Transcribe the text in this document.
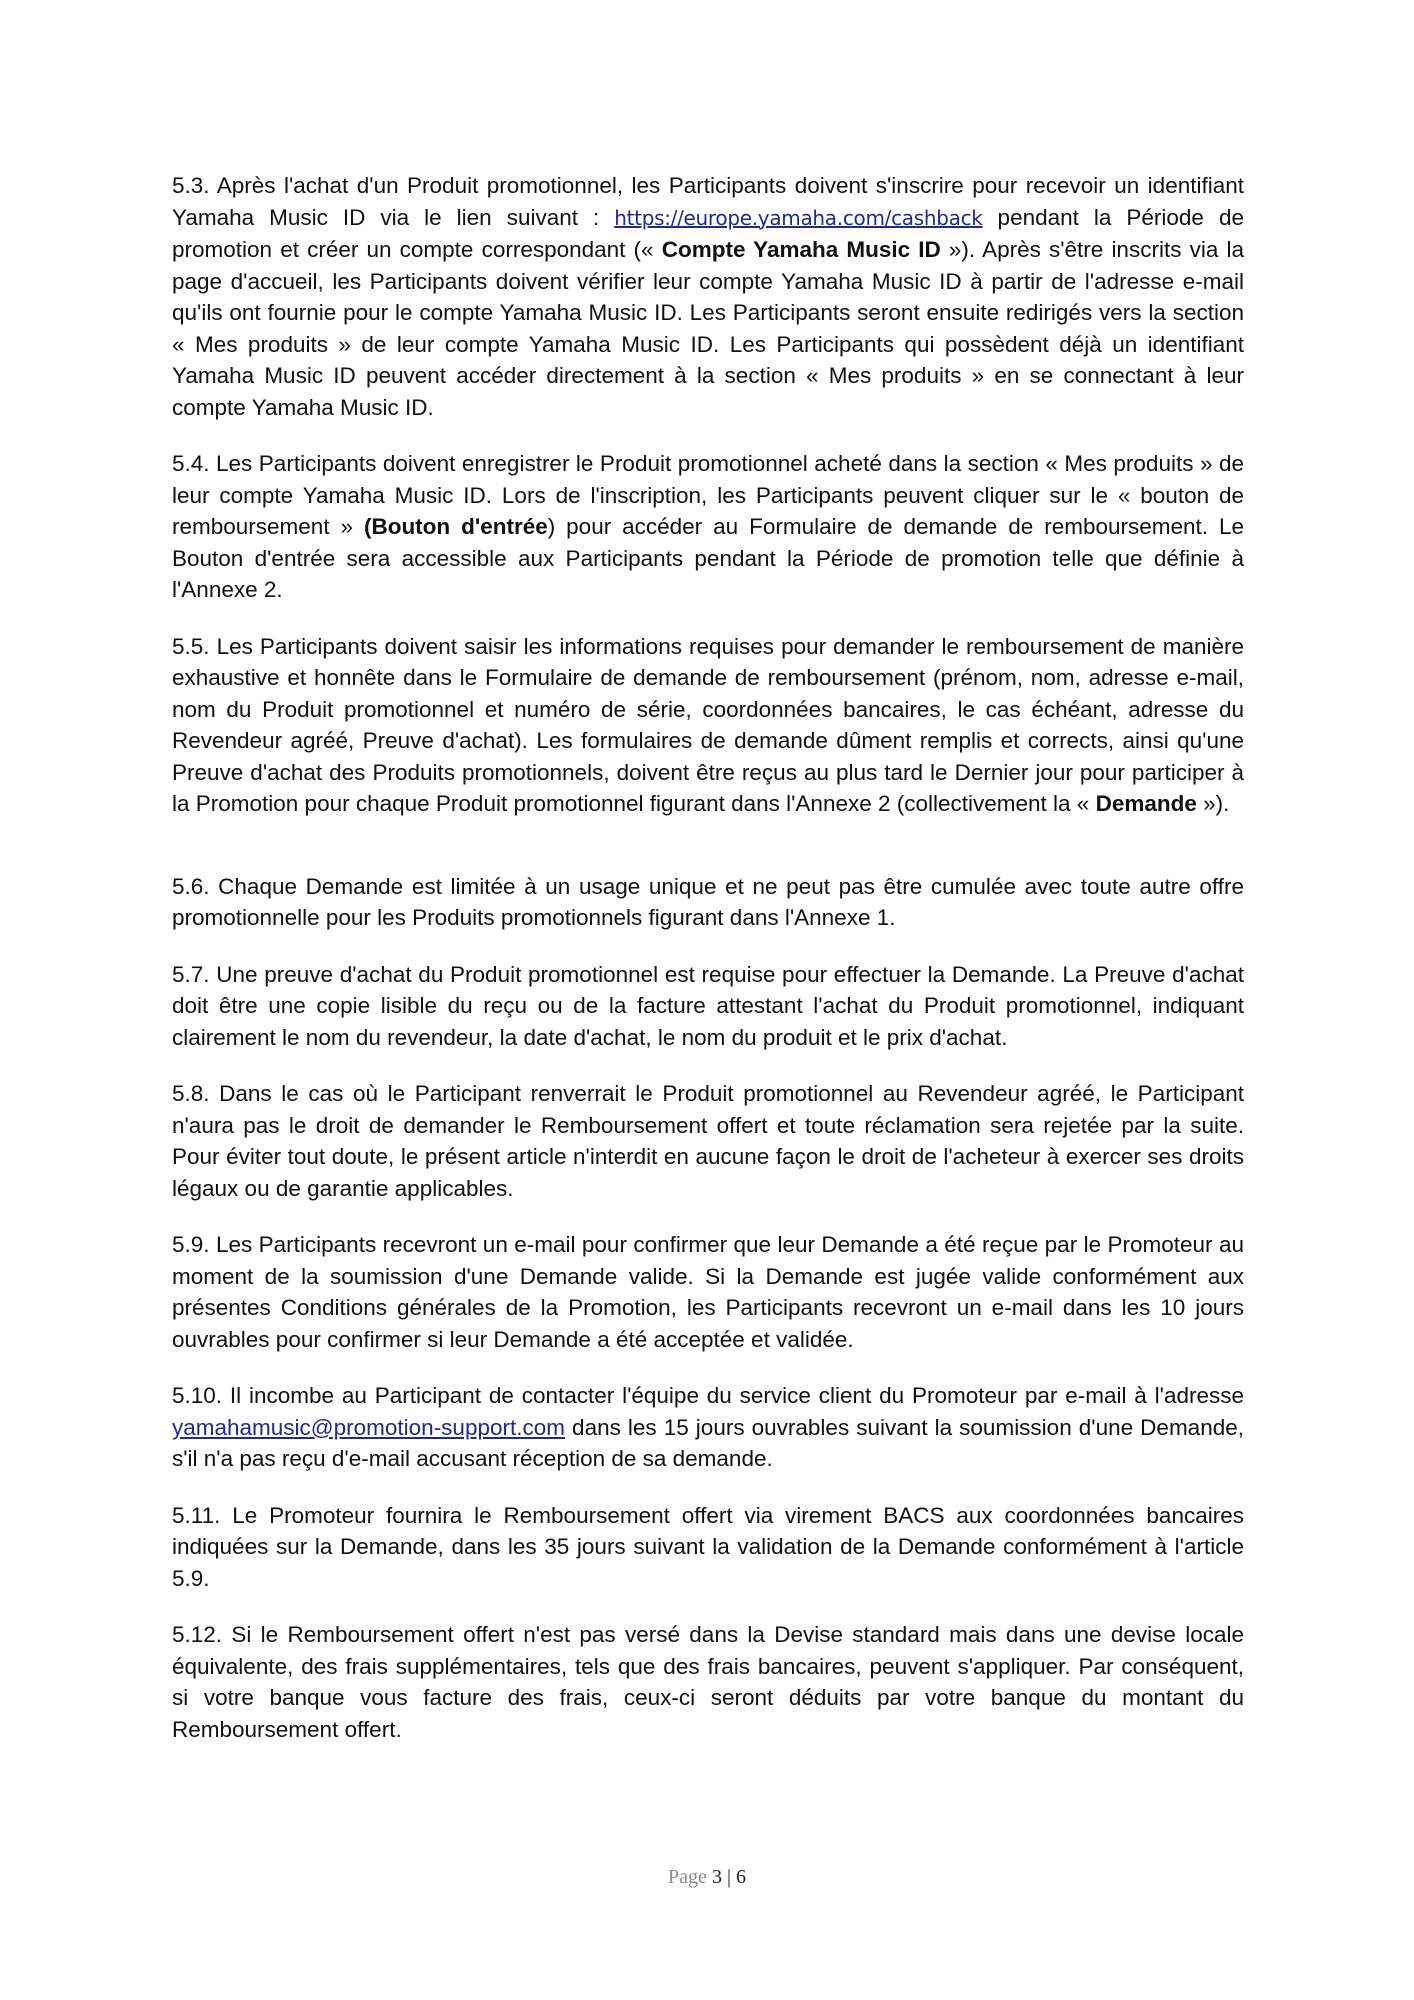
5.3. Après l'achat d'un Produit promotionnel, les Participants doivent s'inscrire pour recevoir un identifiant Yamaha Music ID via le lien suivant : https://europe.yamaha.com/cashback pendant la Période de promotion et créer un compte correspondant (« Compte Yamaha Music ID »). Après s'être inscrits via la page d'accueil, les Participants doivent vérifier leur compte Yamaha Music ID à partir de l'adresse e-mail qu'ils ont fournie pour le compte Yamaha Music ID. Les Participants seront ensuite redirigés vers la section « Mes produits » de leur compte Yamaha Music ID. Les Participants qui possèdent déjà un identifiant Yamaha Music ID peuvent accéder directement à la section « Mes produits » en se connectant à leur compte Yamaha Music ID.

5.4. Les Participants doivent enregistrer le Produit promotionnel acheté dans la section « Mes produits » de leur compte Yamaha Music ID. Lors de l'inscription, les Participants peuvent cliquer sur le « bouton de remboursement » (Bouton d'entrée) pour accéder au Formulaire de demande de remboursement. Le Bouton d'entrée sera accessible aux Participants pendant la Période de promotion telle que définie à l'Annexe 2.

5.5. Les Participants doivent saisir les informations requises pour demander le remboursement de manière exhaustive et honnête dans le Formulaire de demande de remboursement (prénom, nom, adresse e-mail, nom du Produit promotionnel et numéro de série, coordonnées bancaires, le cas échéant, adresse du Revendeur agréé, Preuve d'achat). Les formulaires de demande dûment remplis et corrects, ainsi qu'une Preuve d'achat des Produits promotionnels, doivent être reçus au plus tard le Dernier jour pour participer à la Promotion pour chaque Produit promotionnel figurant dans l'Annexe 2 (collectivement la « Demande »).

5.6. Chaque Demande est limitée à un usage unique et ne peut pas être cumulée avec toute autre offre promotionnelle pour les Produits promotionnels figurant dans l'Annexe 1.

5.7. Une preuve d'achat du Produit promotionnel est requise pour effectuer la Demande. La Preuve d'achat doit être une copie lisible du reçu ou de la facture attestant l'achat du Produit promotionnel, indiquant clairement le nom du revendeur, la date d'achat, le nom du produit et le prix d'achat.

5.8. Dans le cas où le Participant renverrait le Produit promotionnel au Revendeur agréé, le Participant n'aura pas le droit de demander le Remboursement offert et toute réclamation sera rejetée par la suite. Pour éviter tout doute, le présent article n'interdit en aucune façon le droit de l'acheteur à exercer ses droits légaux ou de garantie applicables.

5.9. Les Participants recevront un e-mail pour confirmer que leur Demande a été reçue par le Promoteur au moment de la soumission d'une Demande valide. Si la Demande est jugée valide conformément aux présentes Conditions générales de la Promotion, les Participants recevront un e-mail dans les 10 jours ouvrables pour confirmer si leur Demande a été acceptée et validée.

5.10. Il incombe au Participant de contacter l'équipe du service client du Promoteur par e-mail à l'adresse yamahamusic@promotion-support.com dans les 15 jours ouvrables suivant la soumission d'une Demande, s'il n'a pas reçu d'e-mail accusant réception de sa demande.

5.11. Le Promoteur fournira le Remboursement offert via virement BACS aux coordonnées bancaires indiquées sur la Demande, dans les 35 jours suivant la validation de la Demande conformément à l'article 5.9.

5.12. Si le Remboursement offert n'est pas versé dans la Devise standard mais dans une devise locale équivalente, des frais supplémentaires, tels que des frais bancaires, peuvent s'appliquer. Par conséquent, si votre banque vous facture des frais, ceux-ci seront déduits par votre banque du montant du Remboursement offert.

Page 3 | 6
